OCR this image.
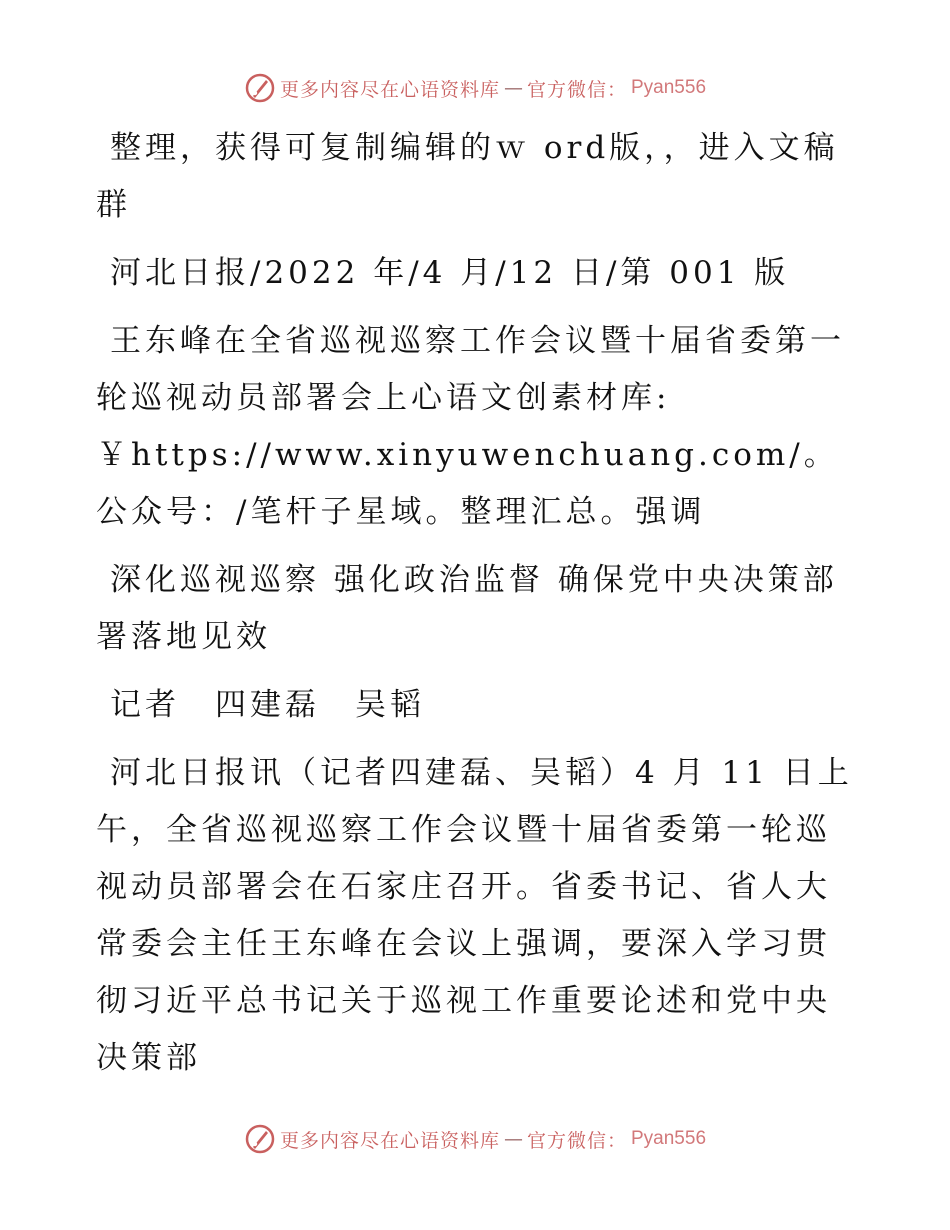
更多内容尽在心语资料库 — 官方微信： Pyan556

整理，获得可复制编辑的ｗ ord版，，进入文稿群

河北日报/2022 年/4 月/12 日/第 001 版

王东峰在全省巡视巡察工作会议暨十届省委第一轮巡视动员部署会上心语文创素材库:

￥https://www.xinyuwenchuang.com/。公众号：/笔杆子星域。整理汇总。强调

深化巡视巡察 强化政治监督 确保党中央决策部署落地见效

记者　四建磊　吴韬

河北日报讯（记者四建磊、吴韬）4 月 11 日上午，全省巡视巡察工作会议暨十届省委第一轮巡视动员部署会在石家庄召开。省委书记、省人大常委会主任王东峰在会议上强调，要深入学习贯彻习近平总书记关于巡视工作重要论述和党中央决策部

更多内容尽在心语资料库 — 官方微信： Pyan556
